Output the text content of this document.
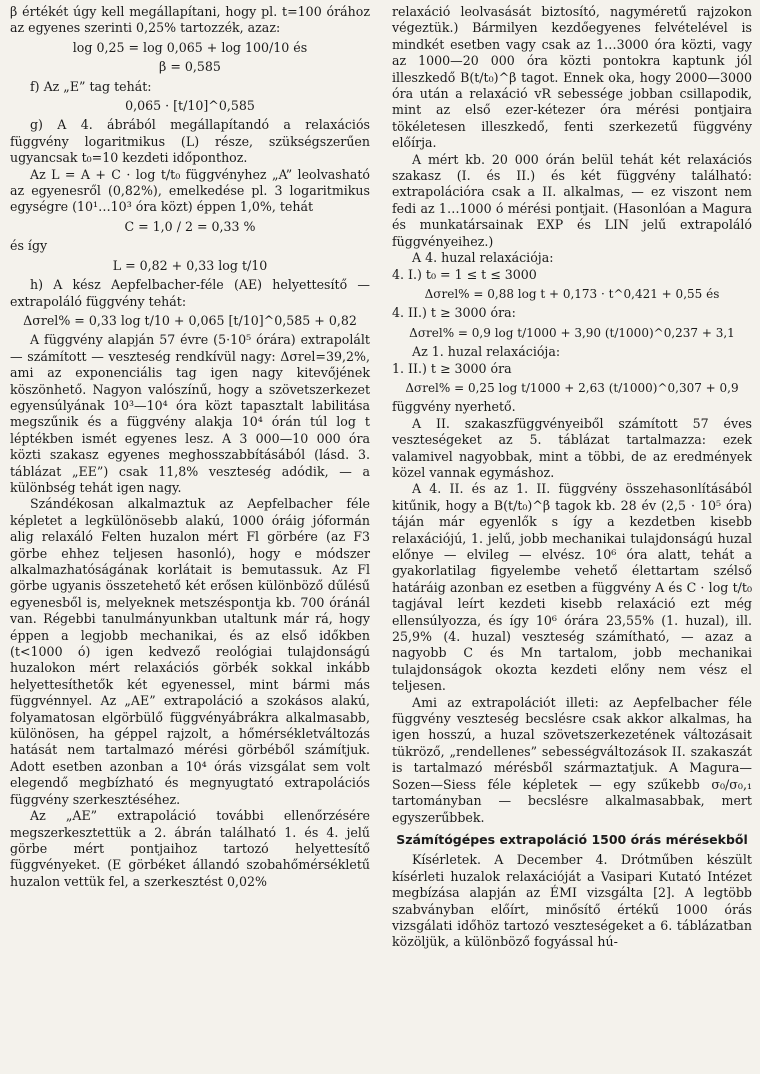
β értékét úgy kell megállapítani, hogy pl. t=100 órához az egyenes szerinti 0,25% tartozzék, azaz:

log 0,25 = log 0,065 + log 100/10 és
β = 0,585

f) Az „E” tag tehát:

0,065 · [t/10]^0,585

g) A 4. ábrából megállapítandó a relaxációs függvény logaritmikus (L) része, szükségszerűen ugyancsak t₀=10 kezdeti időponthoz.

Az L = A + C · log t/t₀ függvényhez „A” leolvasható az egyenesről (0,82%), emelkedése pl. 3 logaritmikus egységre (10¹…10³ óra közt) éppen 1,0%, tehát

C = 1,0 / 2 = 0,33 %

és így

L = 0,82 + 0,33 log t/10

h) A kész Aepfelbacher-féle (AE) helyettesítő — extrapoláló függvény tehát:

Δσrel% = 0,33 log t/10 + 0,065 [t/10]^0,585 + 0,82

A függvény alapján 57 évre (5·10⁵ órára) extrapolált — számított — veszteség rendkívül nagy: Δσrel=39,2%, ami az exponenciális tag igen nagy kitevőjének köszönhető. Nagyon valószínű, hogy a szövetszerkezet egyensúlyának 10³—10⁴ óra közt tapasztalt labilitása megszűnik és a függvény alakja 10⁴ órán túl log t léptékben ismét egyenes lesz. A 3 000—10 000 óra közti szakasz egyenes meghosszabbításából (lásd. 3. táblázat „EE”) csak 11,8% veszteség adódik, — a különbség tehát igen nagy.

Szándékosan alkalmaztuk az Aepfelbacher féle képletet a legkülönösebb alakú, 1000 óráig jóformán alig relaxáló Felten huzalon mért Fl görbére (az F3 görbe ehhez teljesen hasonló), hogy e módszer alkalmazhatóságának korlátait is bemutassuk. Az Fl görbe ugyanis összetehető két erősen különböző dűlésű egyenesből is, melyeknek metszéspontja kb. 700 óránál van. Régebbi tanulmányunkban utaltunk már rá, hogy éppen a legjobb mechanikai, és az első időkben (t<1000 ó) igen kedvező reológiai tulajdonságú huzalokon mért relaxációs görbék sokkal inkább helyettesíthetők két egyenessel, mint bármi más függvénnyel. Az „AE” extrapoláció a szokásos alakú, folyamatosan elgörbülő függvényábrákra alkalmasabb, különösen, ha géppel rajzolt, a hőmérsékletváltozás hatását nem tartalmazó mérési görbéből számítjuk. Adott esetben azonban a 10⁴ órás vizsgálat sem volt elegendő megbízható és megnyugtató extrapolációs függvény szerkesztéséhez.

Az „AE” extrapoláció további ellenőrzésére megszerkesztettük a 2. ábrán található 1. és 4. jelű görbe mért pontjaihoz tartozó helyettesítő függvényeket. (E görbéket állandó szobahőmérsékletű huzalon vettük fel, a szerkesztést 0,02%

relaxáció leolvasását biztosító, nagyméretű rajzokon végeztük.) Bármilyen kezdőegyenes felvételével is mindkét esetben vagy csak az 1…3000 óra közti, vagy az 1000—20 000 óra közti pontokra kaptunk jól illeszkedő B(t/t₀)^β tagot. Ennek oka, hogy 2000—3000 óra után a relaxáció vR sebessége jobban csillapodik, mint az első ezer-kétezer óra mérési pontjaira tökéletesen illeszkedő, fenti szerkezetű függvény előírja.

A mért kb. 20 000 órán belül tehát két relaxációs szakasz (I. és II.) és két függvény található: extrapolációra csak a II. alkalmas, — ez viszont nem fedi az 1…1000 ó mérési pontjait. (Hasonlóan a Magura és munkatársainak EXP és LIN jelű extrapoláló függvényeihez.)

A 4. huzal relaxációja:

4. I.) t₀ = 1 ≤ t ≤ 3000

Δσrel% = 0,88 log t + 0,173 · t^0,421 + 0,55 és

4. II.) t ≥ 3000 óra:

Δσrel% = 0,9 log t/1000 + 3,90 (t/1000)^0,237 + 3,1

Az 1. huzal relaxációja:

1. II.) t ≥ 3000 óra

Δσrel% = 0,25 log t/1000 + 2,63 (t/1000)^0,307 + 0,9

függvény nyerhető.

A II. szakaszfüggvényeiből számított 57 éves veszteségeket az 5. táblázat tartalmazza: ezek valamivel nagyobbak, mint a többi, de az eredmények közel vannak egymáshoz.

A 4. II. és az 1. II. függvény összehasonlításából kitűnik, hogy a B(t/t₀)^β tagok kb. 28 év (2,5 · 10⁵ óra) táján már egyenlők s így a kezdetben kisebb relaxációjú, 1. jelű, jobb mechanikai tulajdonságú huzal előnye — elvileg — elvész. 10⁶ óra alatt, tehát a gyakorlatilag figyelembe vehető élettartam szélső határáig azonban ez esetben a függvény A és C · log t/t₀ tagjával leírt kezdeti kisebb relaxáció ezt még ellensúlyozza, és így 10⁶ órára 23,55% (1. huzal), ill. 25,9% (4. huzal) veszteség számítható, — azaz a nagyobb C és Mn tartalom, jobb mechanikai tulajdonságok okozta kezdeti előny nem vész el teljesen.

Ami az extrapolációt illeti: az Aepfelbacher féle függvény veszteség becslésre csak akkor alkalmas, ha igen hosszú, a huzal szövetszerkezetének változásait tükröző, „rendellenes” sebességváltozások II. szakaszát is tartalmazó mérésből származtatjuk. A Magura—Sozen—Siess féle képletek — egy szűkebb σ₀/σ₀,₁ tartományban — becslésre alkalmasabbak, mert egyszerűbbek.

Számítógépes extrapoláció 1500 órás mérésekből

Kísérletek. A December 4. Drótműben készült kísérleti huzalok relaxációját a Vasipari Kutató Intézet megbízása alapján az ÉMI vizsgálta [2]. A legtöbb szabványban előírt, minősítő értékű 1000 órás vizsgálati időhöz tartozó veszteségeket a 6. táblázatban közöljük, a különböző fogyással hú-
